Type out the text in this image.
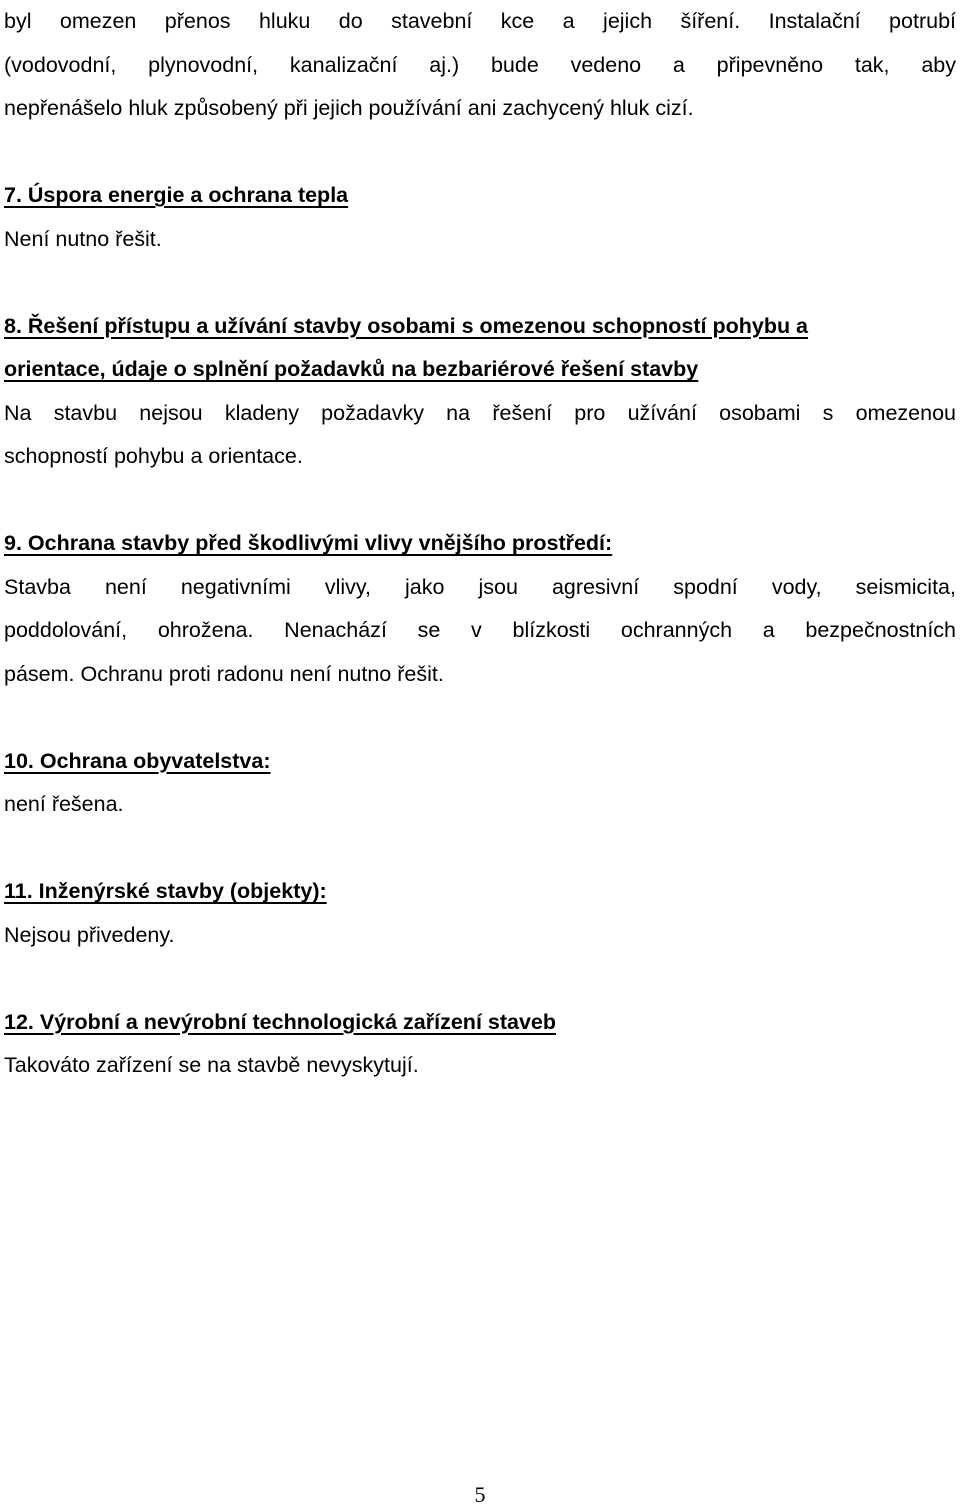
byl omezen přenos hluku do stavební kce a jejich šíření. Instalační potrubí
(vodovodní, plynovodní, kanalizační aj.) bude vedeno a připevněno tak, aby
nepřenášelo hluk způsobený při jejich používání ani zachycený hluk cizí.
7. Úspora energie a ochrana tepla
Není nutno řešit.
8. Řešení přístupu a užívání stavby osobami s omezenou schopností pohybu a
orientace, údaje o splnění požadavků na bezbariérové řešení stavby
Na stavbu nejsou kladeny požadavky na řešení pro užívání osobami s omezenou
schopností pohybu a orientace.
9. Ochrana stavby před škodlivými vlivy vnějšího prostředí:
Stavba není negativními vlivy, jako jsou agresivní spodní vody, seismicita,
poddolování, ohrožena. Nenachází se v blízkosti ochranných a bezpečnostních
pásem. Ochranu proti radonu není nutno řešit.
10. Ochrana obyvatelstva:
není řešena.
11. Inženýrské stavby (objekty):
Nejsou přivedeny.
12. Výrobní a nevýrobní technologická zařízení staveb
Takováto zařízení se na stavbě nevyskytují.
5
